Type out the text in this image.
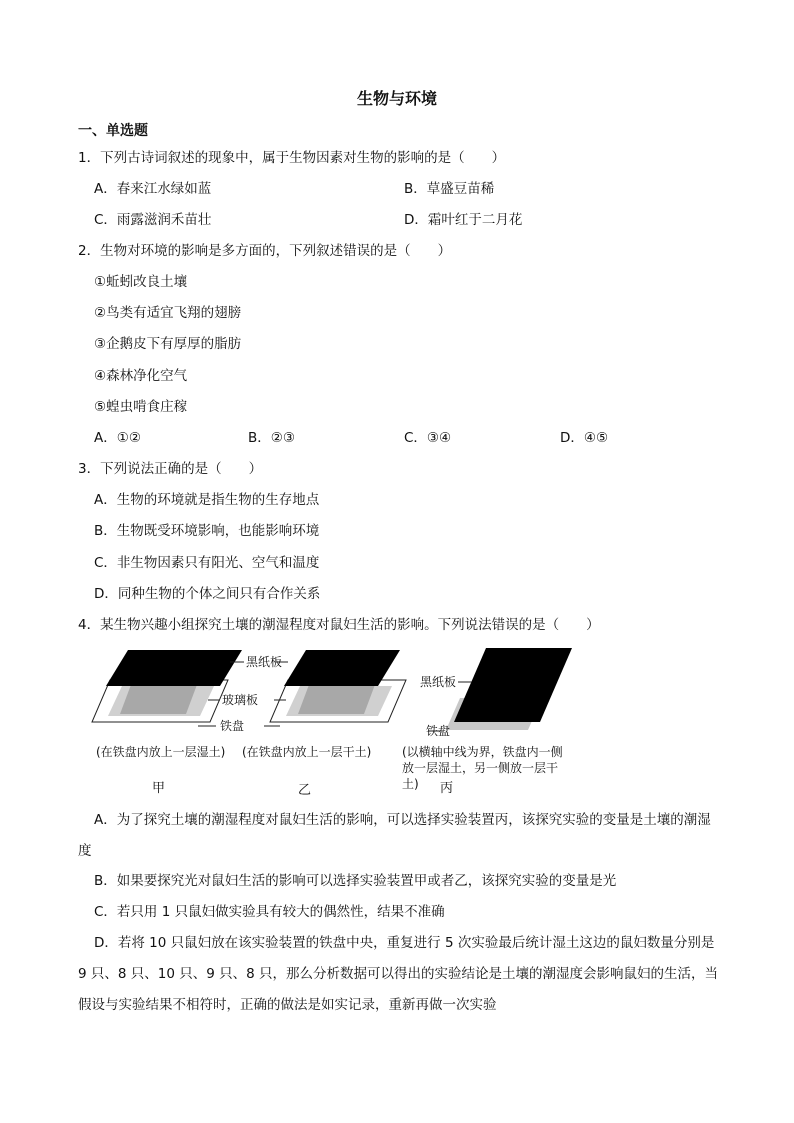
生物与环境
一、单选题
1．下列古诗词叙述的现象中，属于生物因素对生物的影响的是（　　）
A．春来江水绿如蓝	B．草盛豆苗稀
C．雨露滋润禾苗壮	D．霜叶红于二月花
2．生物对环境的影响是多方面的，下列叙述错误的是（　　）
①蚯蚓改良土壤
②鸟类有适宜飞翔的翅膀
③企鹅皮下有厚厚的脂肪
④森林净化空气
⑤蝗虫啃食庄稼
A．①②	B．②③	C．③④	D．④⑤
3．下列说法正确的是（　　）
A．生物的环境就是指生物的生存地点
B．生物既受环境影响，也能影响环境
C．非生物因素只有阳光、空气和温度
D．同种生物的个体之间只有合作关系
4．某生物兴趣小组探究土壤的潮湿程度对鼠妇生活的影响。下列说法错误的是（　　）
黑纸板
玻璃板
铁盘
黑纸板
铁盘
(在铁盘内放上一层湿土) (在铁盘内放上一层干土)	(以横轴中线为界，铁盘内一侧
放一层湿土，另一侧放一层干
土)
甲	乙	丙
A．为了探究土壤的潮湿程度对鼠妇生活的影响，可以选择实验装置丙，该探究实验的变量是土壤的潮湿度
B．如果要探究光对鼠妇生活的影响可以选择实验装置甲或者乙，该探究实验的变量是光
C．若只用 1 只鼠妇做实验具有较大的偶然性，结果不准确
D．若将 10 只鼠妇放在该实验装置的铁盘中央，重复进行 5 次实验最后统计湿土这边的鼠妇数量分别是 9 只、8 只、10 只、9 只、8 只，那么分析数据可以得出的实验结论是土壤的潮湿度会影响鼠妇的生活，当假设与实验结果不相符时，正确的做法是如实记录，重新再做一次实验
